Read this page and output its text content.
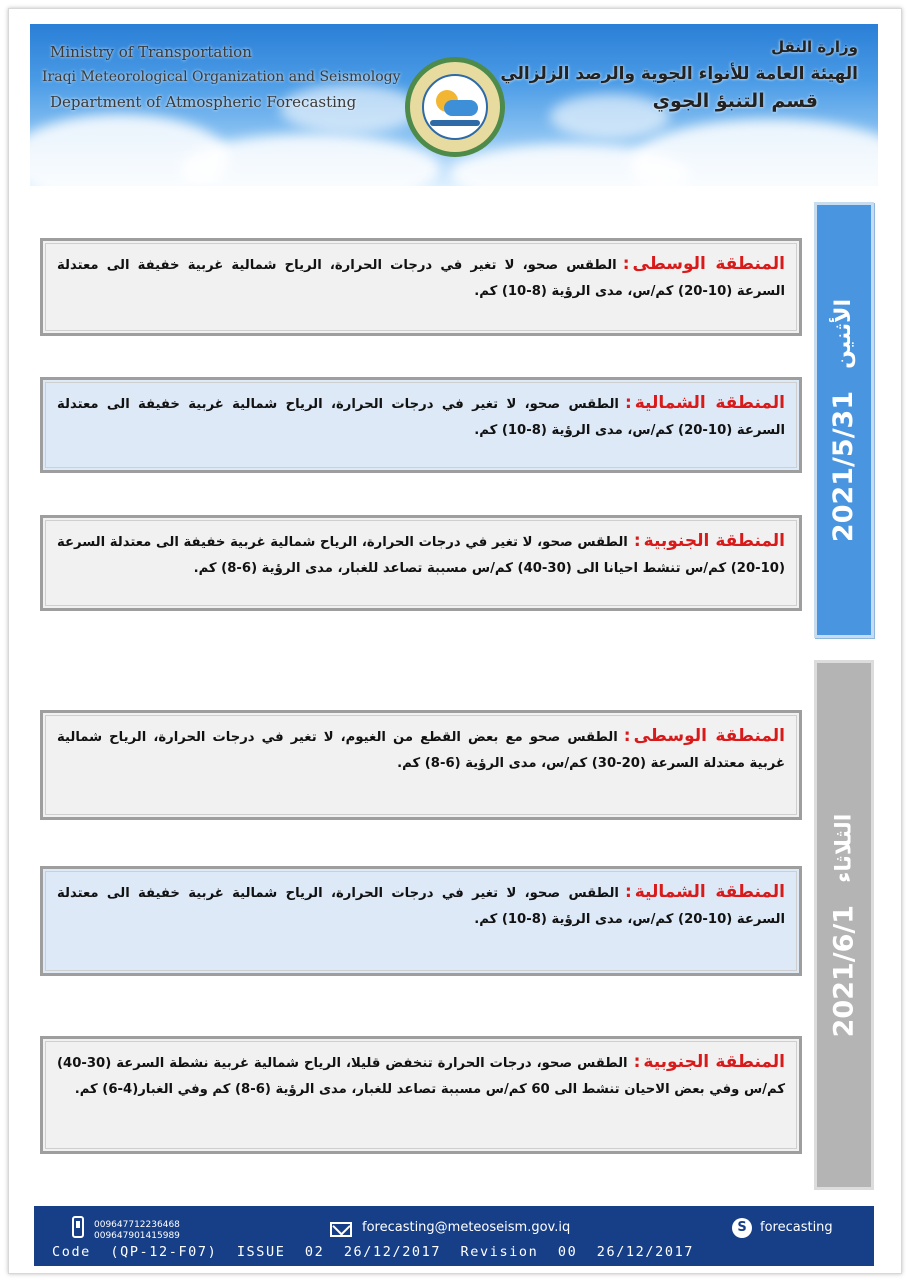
Ministry of Transportation
Iraqi Meteorological Organization and Seismology
Department of Atmospheric Forecasting
وزارة النقل
الهيئة العامة للأنواء الجوية والرصد الزلزالي
قسم التنبؤ الجوي
الأثنين
2021/5/31
الثلاثاء
2021/6/1
المنطقة الوسطى:الطقس صحو، لا تغير في درجات الحرارة، الرياح شمالية غربية خفيفة الى معتدلة السرعة (10-20) كم/س، مدى الرؤية (8-10) كم.
المنطقة الشمالية:الطقس صحو، لا تغير في درجات الحرارة، الرياح شمالية غربية خفيفة الى معتدلة السرعة (10-20) كم/س، مدى الرؤية (8-10) كم.
المنطقة الجنوبية:الطقس صحو، لا تغير في درجات الحرارة، الرياح شمالية غربية خفيفة الى معتدلة السرعة (10-20) كم/س تنشط احيانا الى (30-40) كم/س مسببة تصاعد للغبار، مدى الرؤية (6-8) كم.
المنطقة الوسطى:الطقس صحو مع بعض القطع من الغيوم، لا تغير في درجات الحرارة، الرياح شمالية غربية معتدلة السرعة (20-30) كم/س، مدى الرؤية (6-8) كم.
المنطقة الشمالية:الطقس صحو، لا تغير في درجات الحرارة، الرياح شمالية غربية خفيفة الى معتدلة السرعة (10-20) كم/س، مدى الرؤية (8-10) كم.
المنطقة الجنوبية:الطقس صحو، درجات الحرارة تنخفض قليلا، الرياح شمالية غربية نشطة السرعة (30-40) كم/س وفي بعض الاحيان تنشط الى 60 كم/س مسببة تصاعد للغبار، مدى الرؤية (6-8) كم وفي الغبار(4-6) كم.
009647712236468
009647901415989
forecasting@meteoseism.gov.iq	S	forecasting
Code  (QP-12-F07)  ISSUE  02  26/12/2017  Revision  00  26/12/2017
